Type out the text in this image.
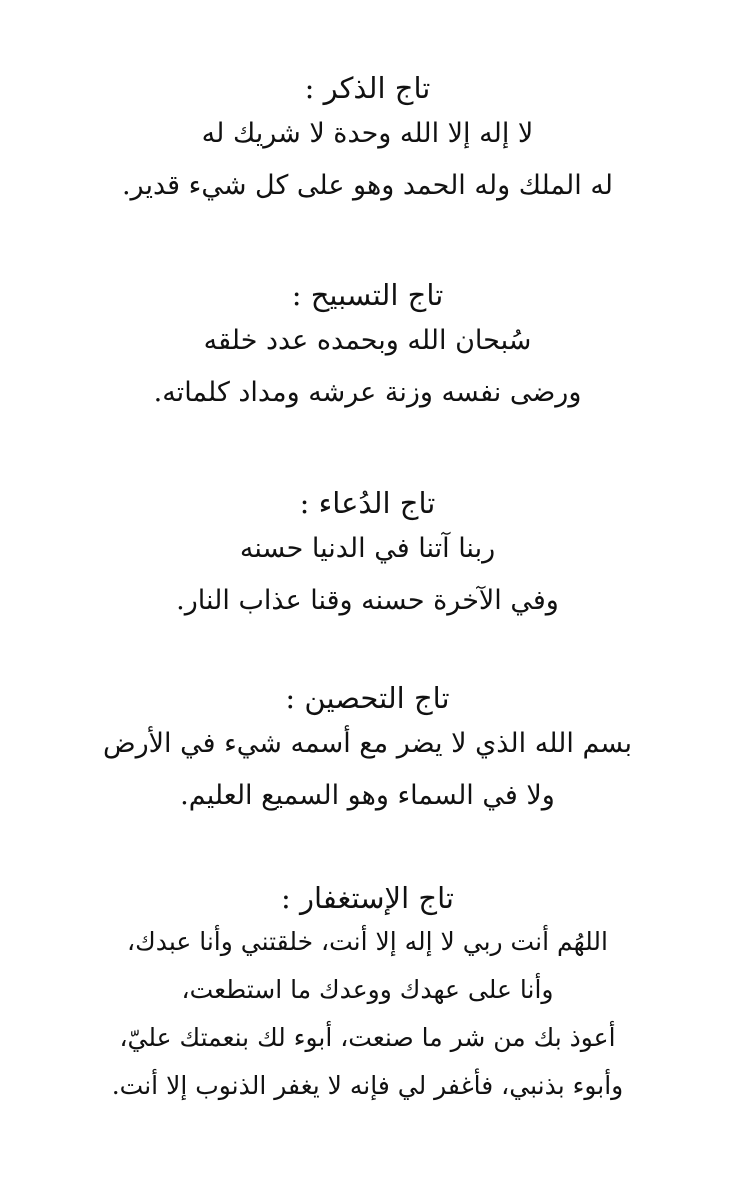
تاج الذكر :
لا إله إلا الله وحدة لا شريك له
له الملك وله الحمد وهو على كل شيء قدير.
تاج التسبيح :
سُبحان الله وبحمده عدد خلقه
ورضى نفسه وزنة عرشه ومداد كلماته.
تاج الدُعاء :
ربنا آتنا في الدنيا حسنه
وفي الآخرة حسنه وقنا عذاب النار.
تاج التحصين :
بسم الله الذي لا يضر مع أسمه شيء في الأرض
ولا في السماء وهو السميع العليم.
تاج الإستغفار :
اللهُم أنت ربي لا إله إلا أنت، خلقتني وأنا عبدك،
وأنا على عهدك ووعدك ما استطعت،
أعوذ بك من شر ما صنعت، أبوء لك بنعمتك عليّ،
وأبوء بذنبي، فأغفر لي فإنه لا يغفر الذنوب إلا أنت.
